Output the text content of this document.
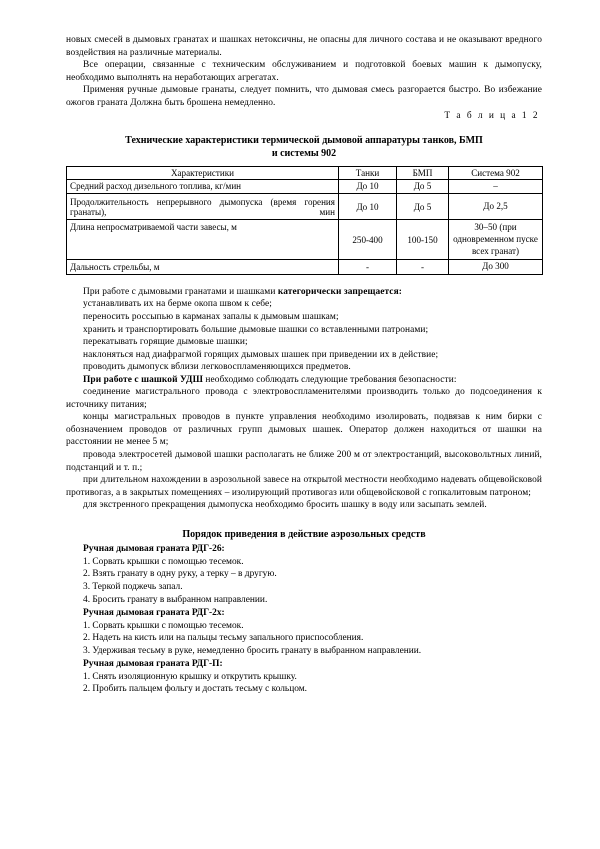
новых смесей в дымовых гранатах и шашках нетоксичны, не опасны для личного состава и не оказывают вредного воздействия на различные материалы.

Все операции, связанные с техническим обслуживанием и подготовкой боевых машин к дымопуску, необходимо выполнять на неработающих агрегатах.

Применяя ручные дымовые гранаты, следует помнить, что дымовая смесь разгорается быстро. Во избежание ожогов граната Должна быть брошена немедленно.

Т а б л и ц а 1 2

Технические характеристики термической дымовой аппаратуры танков, БМП
и системы 902
Характеристики	Танки	БМП	Система 902
Средний расход дизельного топлива, кг/мин	До 10	До 5	–
Продолжительность непрерывного дымопуска (время горения гранаты), мин	До 10	До 5	До 2,5
Длина непросматриваемой части завесы, м	250-400	100-150	30–50 (при одновременном пуске всех гранат)
Дальность стрельбы, м	-	-	До 300

При работе с дымовыми гранатами и шашками категорически запрещается:

устанавливать их на берме окопа швом к себе;

переносить россыпью в карманах запалы к дымовым шашкам;

хранить и транспортировать большие дымовые шашки со вставленными патронами;

перекатывать горящие дымовые шашки;

наклоняться над диафрагмой горящих дымовых шашек при приведении их в действие;

проводить дымопуск вблизи легковоспламеняющихся предметов.

При работе с шашкой УДШ необходимо соблюдать следующие требования безопасности:

соединение магистрального провода с электровоспламенителями производить только до подсоединения к источнику питания;

концы магистральных проводов в пункте управления необходимо изолировать, подвязав к ним бирки с обозначением проводов от различных групп дымовых шашек. Оператор должен находиться от шашки на расстоянии не менее 5 м;

провода электросетей дымовой шашки располагать не ближе 200 м от электростанций, высоковольтных линий, подстанций и т. п.;

при длительном нахождении в аэрозольной завесе на открытой местности необходимо надевать общевойсковой противогаз, а в закрытых помещениях – изолирующий противогаз или общевойсковой с гопкалитовым патроном;

для экстренного прекращения дымопуска необходимо бросить шашку в воду или засыпать землей.

Порядок приведения в действие аэрозольных средств

Ручная дымовая граната РДГ-26:

1. Сорвать крышки с помощью тесемок.

2. Взять гранату в одну руку, а терку – в другую.

3. Теркой поджечь запал.

4. Бросить гранату в выбранном направлении.

Ручная дымовая граната РДГ-2х:

1. Сорвать крышки с помощью тесемок.

2. Надеть на кисть или на пальцы тесьму запального приспособления.

3. Удерживая тесьму в руке, немедленно бросить гранату в выбранном направлении.

Ручная дымовая граната РДГ-П:

1. Снять изоляционную крышку и открутить крышку.

2. Пробить пальцем фольгу и достать тесьму с кольцом.
